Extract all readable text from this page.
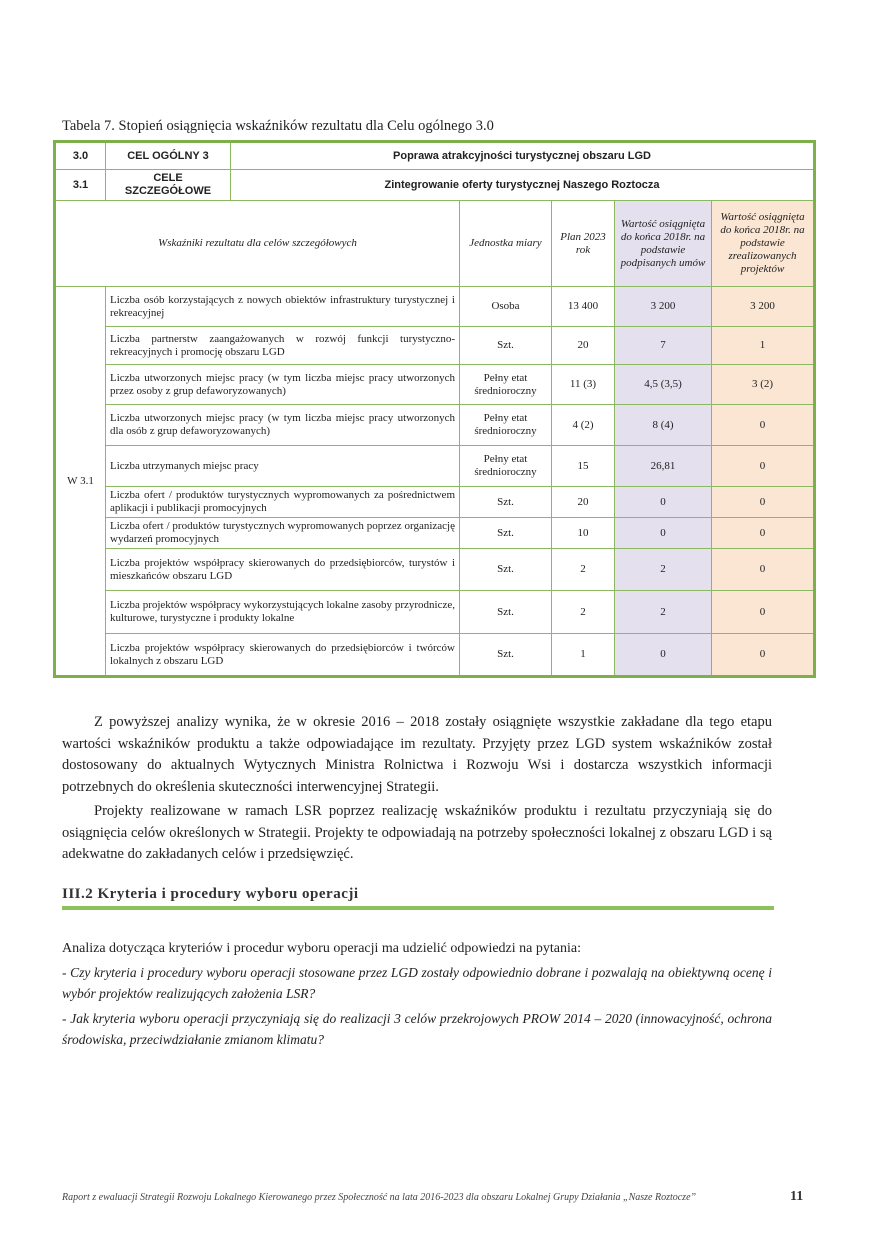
Tabela 7. Stopień osiągnięcia wskaźników rezultatu dla Celu ogólnego 3.0
3.0	CEL OGÓLNY 3	Poprawa atrakcyjności turystycznej obszaru LGD				
3.1	CELE SZCZEGÓŁOWE	Zintegrowanie oferty turystycznej Naszego Roztocza				
Wskaźniki rezultatu dla celów szczegółowych			Jednostka miary	Plan 2023 rok	Wartość osiągnięta do końca 2018r. na podstawie podpisanych umów	Wartość osiągnięta do końca 2018r. na podstawie zrealizowanych projektów
W 3.1	Liczba osób korzystających z nowych obiektów infrastruktury turystycznej i rekreacyjnej		Osoba	13 400	3 200	3 200
	Liczba partnerstw zaangażowanych w rozwój funkcji turystyczno-rekreacyjnych i promocję obszaru LGD		Szt.	20	7	1
	Liczba utworzonych miejsc pracy (w tym liczba miejsc pracy utworzonych przez osoby z grup defaworyzowanych)		Pełny etat średnioroczny	11 (3)	4,5 (3,5)	3 (2)
	Liczba utworzonych miejsc pracy (w tym liczba miejsc pracy utworzonych dla osób z grup defaworyzowanych)		Pełny etat średnioroczny	4 (2)	8 (4)	0
	Liczba utrzymanych miejsc pracy		Pełny etat średnioroczny	15	26,81	0
	Liczba ofert / produktów turystycznych wypromowanych za pośrednictwem aplikacji i publikacji promocyjnych		Szt.	20	0	0
	Liczba ofert / produktów turystycznych wypromowanych poprzez organizację wydarzeń promocyjnych		Szt.	10	0	0
	Liczba projektów współpracy skierowanych do przedsiębiorców, turystów i mieszkańców obszaru LGD		Szt.	2	2	0
	Liczba projektów współpracy wykorzystujących lokalne zasoby przyrodnicze, kulturowe, turystyczne i produkty lokalne		Szt.	2	2	0
	Liczba projektów współpracy skierowanych do przedsiębiorców i twórców lokalnych z obszaru LGD		Szt.	1	0	0

Z powyższej analizy wynika, że w okresie 2016 – 2018 zostały osiągnięte wszystkie zakładane dla tego etapu wartości wskaźników produktu a także odpowiadające im rezultaty. Przyjęty przez LGD system wskaźników został dostosowany do aktualnych Wytycznych Ministra Rolnictwa i Rozwoju Wsi i dostarcza wszystkich informacji potrzebnych do określenia skuteczności interwencyjnej Strategii.

Projekty realizowane w ramach LSR poprzez realizację wskaźników produktu i rezultatu przyczyniają się do osiągnięcia celów określonych w Strategii. Projekty te odpowiadają na potrzeby społeczności lokalnej z obszaru LGD i są adekwatne do zakładanych celów i przedsięwzięć.

III.2 Kryteria i procedury wyboru operacji
Analiza dotycząca kryteriów i procedur wyboru operacji ma udzielić odpowiedzi na pytania:
- Czy kryteria i procedury wyboru operacji stosowane przez LGD zostały odpowiednio dobrane i pozwalają na obiektywną ocenę i wybór projektów realizujących założenia LSR?
- Jak kryteria wyboru operacji przyczyniają się do realizacji 3 celów przekrojowych PROW 2014 – 2020 (innowacyjność, ochrona środowiska, przeciwdziałanie zmianom klimatu?
Raport z ewaluacji Strategii Rozwoju Lokalnego Kierowanego przez Społeczność na lata 2016-2023 dla obszaru Lokalnej Grupy Działania „Nasze Roztocze”	11
